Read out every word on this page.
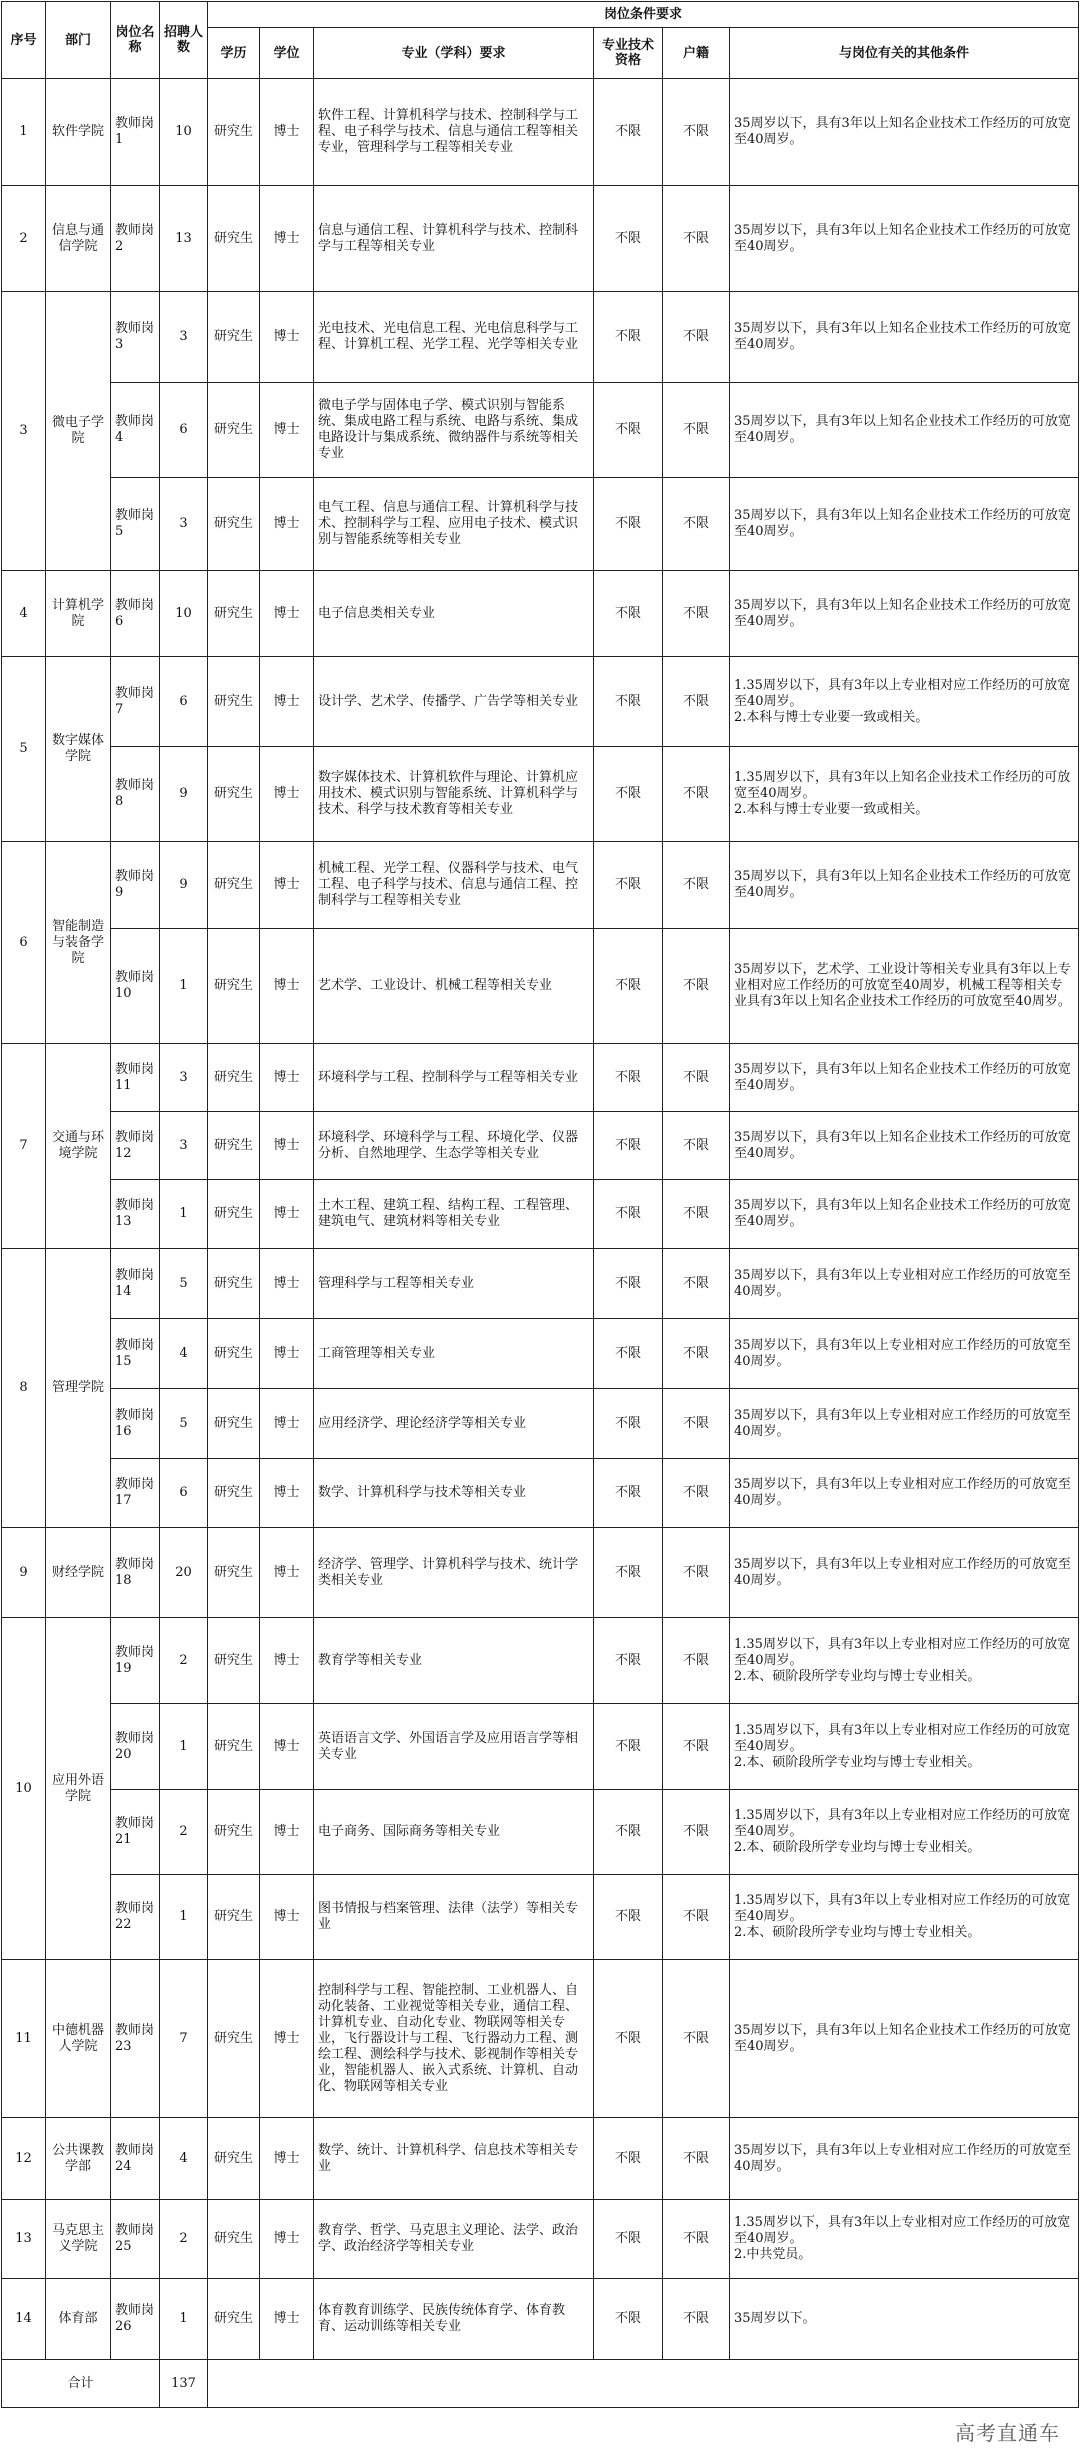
序号	部门	岗位名称	招聘人数	岗位条件要求					
				学历	学位	专业（学科）要求	专业技术资格	户籍	与岗位有关的其他条件
1	软件学院	教师岗1	10	研究生	博士	软件工程、计算机科学与技术、控制科学与工程、电子科学与技术、信息与通信工程等相关专业，管理科学与工程等相关专业	不限	不限	35周岁以下，具有3年以上知名企业技术工作经历的可放宽至40周岁。
2	信息与通信学院	教师岗2	13	研究生	博士	信息与通信工程、计算机科学与技术、控制科学与工程等相关专业	不限	不限	35周岁以下，具有3年以上知名企业技术工作经历的可放宽至40周岁。
3	微电子学院	教师岗3	3	研究生	博士	光电技术、光电信息工程、光电信息科学与工程、计算机工程、光学工程、光学等相关专业	不限	不限	35周岁以下，具有3年以上知名企业技术工作经历的可放宽至40周岁。
		教师岗4	6	研究生	博士	微电子学与固体电子学、模式识别与智能系统、集成电路工程与系统、电路与系统、集成电路设计与集成系统、微纳器件与系统等相关专业	不限	不限	35周岁以下，具有3年以上知名企业技术工作经历的可放宽至40周岁。
		教师岗5	3	研究生	博士	电气工程、信息与通信工程、计算机科学与技术、控制科学与工程、应用电子技术、模式识别与智能系统等相关专业	不限	不限	35周岁以下，具有3年以上知名企业技术工作经历的可放宽至40周岁。
4	计算机学院	教师岗6	10	研究生	博士	电子信息类相关专业	不限	不限	35周岁以下，具有3年以上知名企业技术工作经历的可放宽至40周岁。
5	数字媒体学院	教师岗7	6	研究生	博士	设计学、艺术学、传播学、广告学等相关专业	不限	不限	1.35周岁以下，具有3年以上专业相对应工作经历的可放宽至40周岁。
2.本科与博士专业要一致或相关。
		教师岗8	9	研究生	博士	数字媒体技术、计算机软件与理论、计算机应用技术、模式识别与智能系统、计算机科学与技术、科学与技术教育等相关专业	不限	不限	1.35周岁以下，具有3年以上知名企业技术工作经历的可放宽至40周岁。
2.本科与博士专业要一致或相关。
6	智能制造与装备学院	教师岗9	9	研究生	博士	机械工程、光学工程、仪器科学与技术、电气工程、电子科学与技术、信息与通信工程、控制科学与工程等相关专业	不限	不限	35周岁以下，具有3年以上知名企业技术工作经历的可放宽至40周岁。
		教师岗10	1	研究生	博士	艺术学、工业设计、机械工程等相关专业	不限	不限	35周岁以下，艺术学、工业设计等相关专业具有3年以上专业相对应工作经历的可放宽至40周岁，机械工程等相关专业具有3年以上知名企业技术工作经历的可放宽至40周岁。
7	交通与环境学院	教师岗11	3	研究生	博士	环境科学与工程、控制科学与工程等相关专业	不限	不限	35周岁以下，具有3年以上知名企业技术工作经历的可放宽至40周岁。
		教师岗12	3	研究生	博士	环境科学、环境科学与工程、环境化学、仪器分析、自然地理学、生态学等相关专业	不限	不限	35周岁以下，具有3年以上知名企业技术工作经历的可放宽至40周岁。
		教师岗13	1	研究生	博士	土木工程、建筑工程、结构工程、工程管理、建筑电气、建筑材料等相关专业	不限	不限	35周岁以下，具有3年以上知名企业技术工作经历的可放宽至40周岁。
8	管理学院	教师岗14	5	研究生	博士	管理科学与工程等相关专业	不限	不限	35周岁以下，具有3年以上专业相对应工作经历的可放宽至40周岁。
		教师岗15	4	研究生	博士	工商管理等相关专业	不限	不限	35周岁以下，具有3年以上专业相对应工作经历的可放宽至40周岁。
		教师岗16	5	研究生	博士	应用经济学、理论经济学等相关专业	不限	不限	35周岁以下，具有3年以上专业相对应工作经历的可放宽至40周岁。
		教师岗17	6	研究生	博士	数学、计算机科学与技术等相关专业	不限	不限	35周岁以下，具有3年以上专业相对应工作经历的可放宽至40周岁。
9	财经学院	教师岗18	20	研究生	博士	经济学、管理学、计算机科学与技术、统计学类相关专业	不限	不限	35周岁以下，具有3年以上专业相对应工作经历的可放宽至40周岁。
10	应用外语学院	教师岗19	2	研究生	博士	教育学等相关专业	不限	不限	1.35周岁以下，具有3年以上专业相对应工作经历的可放宽至40周岁。
2.本、硕阶段所学专业均与博士专业相关。
		教师岗20	1	研究生	博士	英语语言文学、外国语言学及应用语言学等相关专业	不限	不限	1.35周岁以下，具有3年以上专业相对应工作经历的可放宽至40周岁。
2.本、硕阶段所学专业均与博士专业相关。
		教师岗21	2	研究生	博士	电子商务、国际商务等相关专业	不限	不限	1.35周岁以下，具有3年以上专业相对应工作经历的可放宽至40周岁。
2.本、硕阶段所学专业均与博士专业相关。
		教师岗22	1	研究生	博士	图书情报与档案管理、法律（法学）等相关专业	不限	不限	1.35周岁以下，具有3年以上专业相对应工作经历的可放宽至40周岁。
2.本、硕阶段所学专业均与博士专业相关。
11	中德机器人学院	教师岗23	7	研究生	博士	控制科学与工程、智能控制、工业机器人、自动化装备、工业视觉等相关专业，通信工程、计算机专业、自动化专业、物联网等相关专业，飞行器设计与工程、飞行器动力工程、测绘工程、测绘科学与技术、影视制作等相关专业，智能机器人、嵌入式系统、计算机、自动化、物联网等相关专业	不限	不限	35周岁以下，具有3年以上知名企业技术工作经历的可放宽至40周岁。
12	公共课教学部	教师岗24	4	研究生	博士	数学、统计、计算机科学、信息技术等相关专业	不限	不限	35周岁以下，具有3年以上专业相对应工作经历的可放宽至40周岁。
13	马克思主义学院	教师岗25	2	研究生	博士	教育学、哲学、马克思主义理论、法学、政治学、政治经济学等相关专业	不限	不限	1.35周岁以下，具有3年以上专业相对应工作经历的可放宽至40周岁。
2.中共党员。
14	体育部	教师岗26	1	研究生	博士	体育教育训练学、民族传统体育学、体育教育、运动训练等相关专业	不限	不限	35周岁以下。
合计			137						
高考直通车
